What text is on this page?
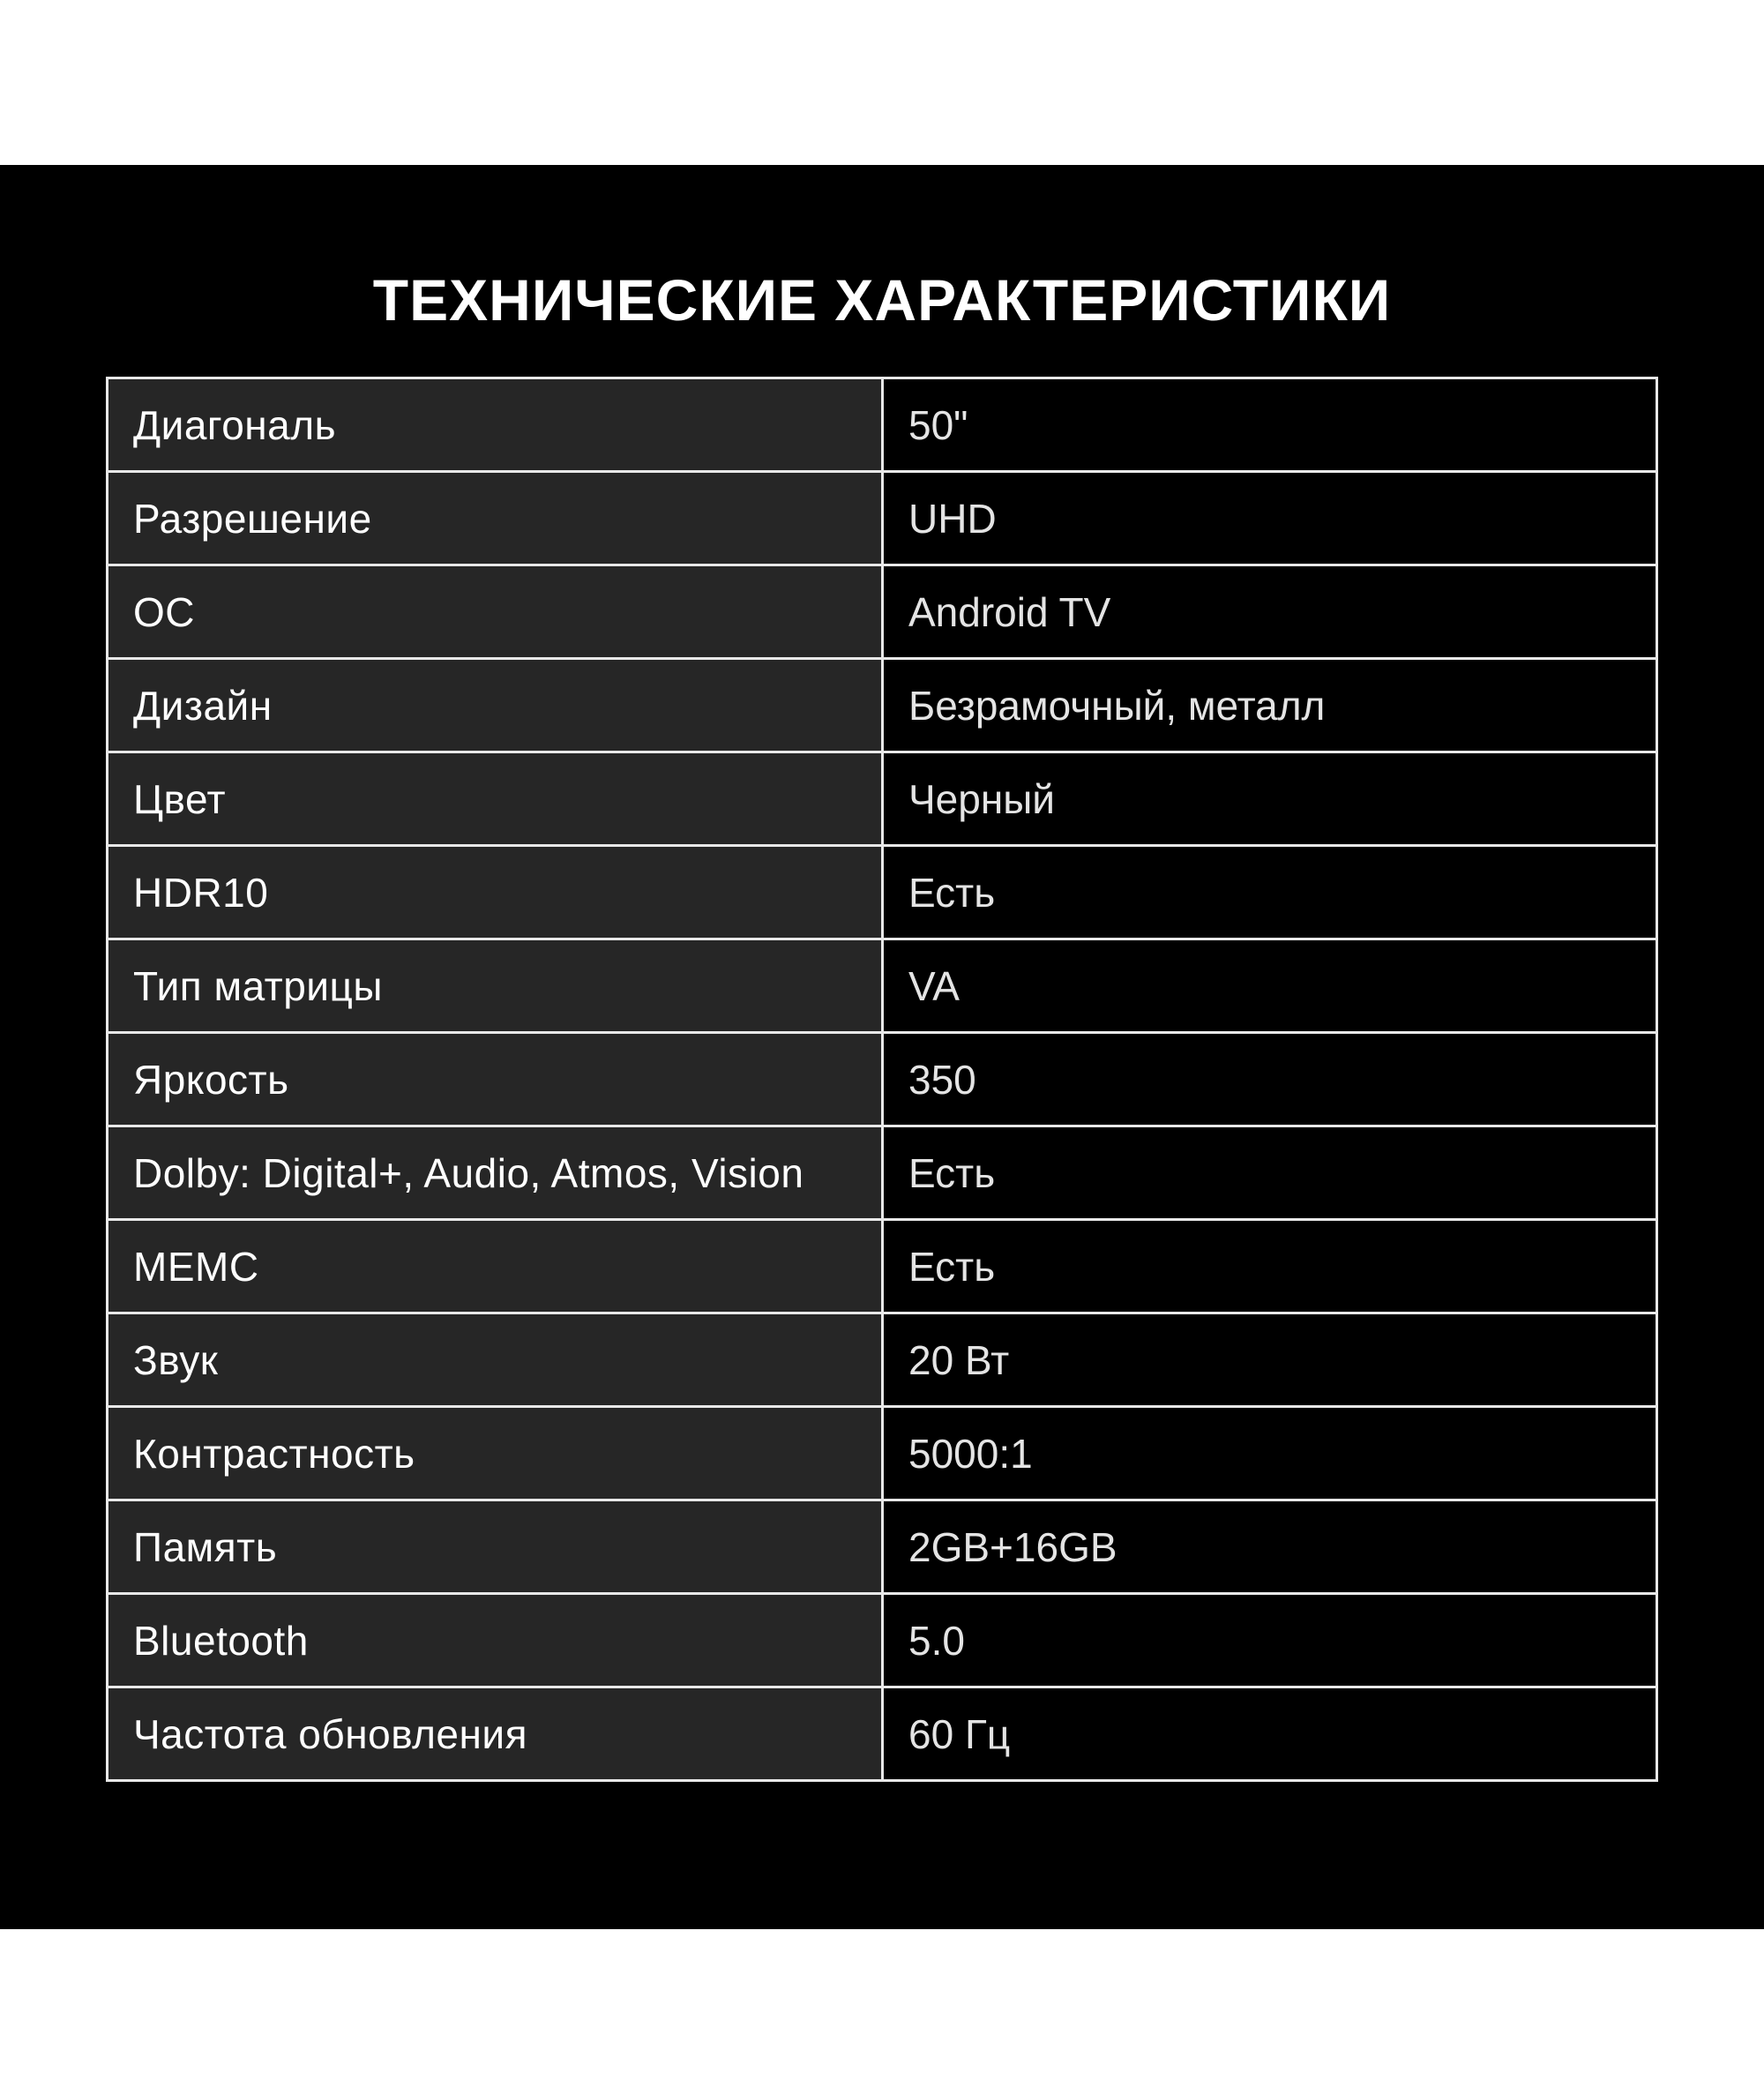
ТЕХНИЧЕСКИЕ ХАРАКТЕРИСТИКИ
Диагональ	50"
Разрешение	UHD
ОС	Android TV
Дизайн	Безрамочный, металл
Цвет	Черный
HDR10	Есть
Тип матрицы	VA
Яркость	350
Dolby: Digital+, Audio, Atmos, Vision	Есть
MEMC	Есть
Звук	20 Вт
Контрастность	5000:1
Память	2GB+16GB
Bluetooth	5.0
Частота обновления	60 Гц
